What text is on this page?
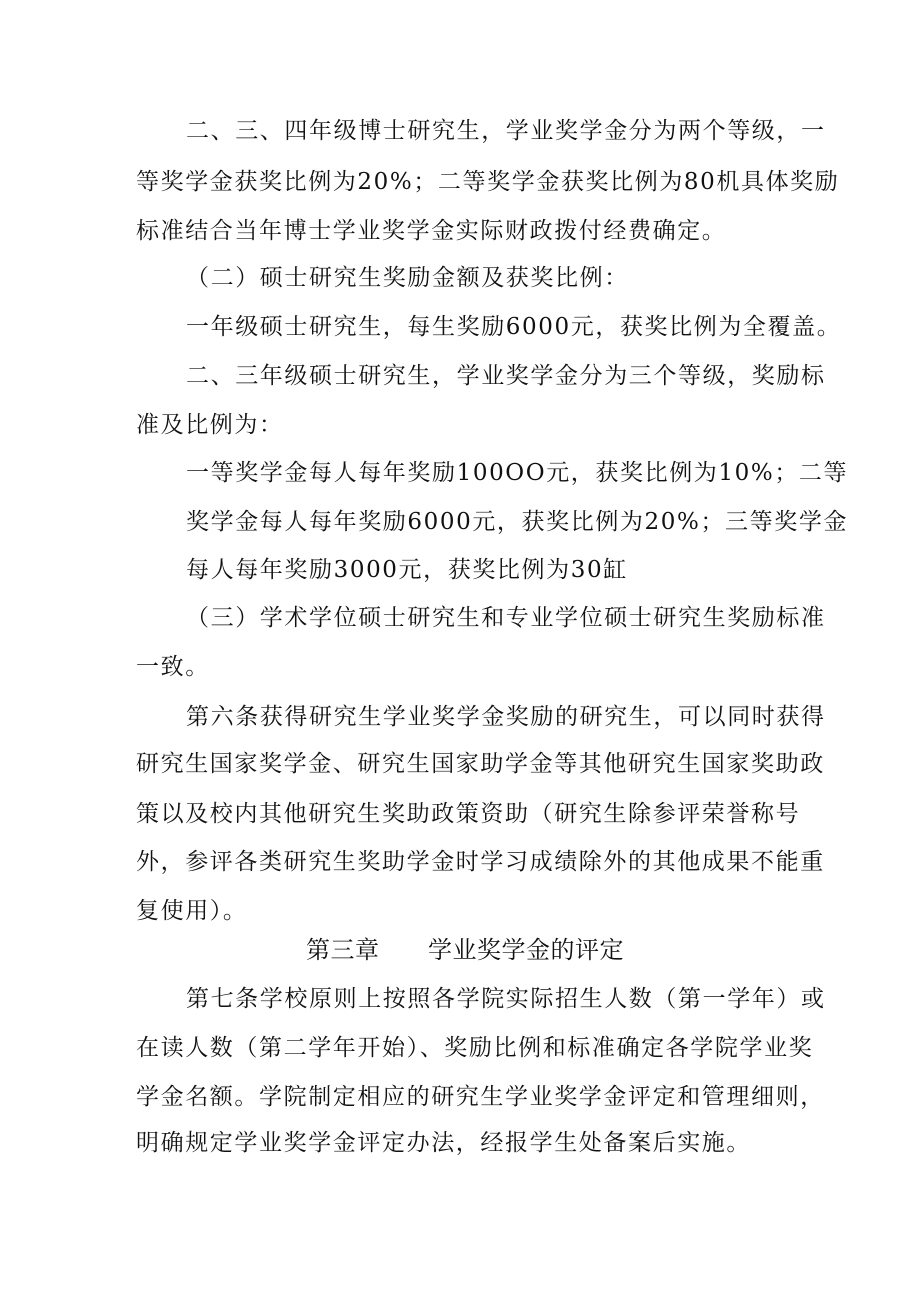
二、三、四年级博士研究生，学业奖学金分为两个等级，一
等奖学金获奖比例为20%；二等奖学金获奖比例为80机具体奖励
标准结合当年博士学业奖学金实际财政拨付经费确定。
（二）硕士研究生奖励金额及获奖比例：
一年级硕士研究生，每生奖励6000元，获奖比例为全覆盖。
二、三年级硕士研究生，学业奖学金分为三个等级，奖励标
准及比例为：
一等奖学金每人每年奖励100OO元，获奖比例为10%；二等
奖学金每人每年奖励6000元，获奖比例为20%；三等奖学金
每人每年奖励3000元，获奖比例为30缸
（三）学术学位硕士研究生和专业学位硕士研究生奖励标准
一致。
第六条获得研究生学业奖学金奖励的研究生，可以同时获得
研究生国家奖学金、研究生国家助学金等其他研究生国家奖助政
策以及校内其他研究生奖助政策资助（研究生除参评荣誉称号
外，参评各类研究生奖助学金时学习成绩除外的其他成果不能重
复使用）。
第三章 学业奖学金的评定
第七条学校原则上按照各学院实际招生人数（第一学年）或
在读人数（第二学年开始）、奖励比例和标准确定各学院学业奖
学金名额。学院制定相应的研究生学业奖学金评定和管理细则，
明确规定学业奖学金评定办法，经报学生处备案后实施。
